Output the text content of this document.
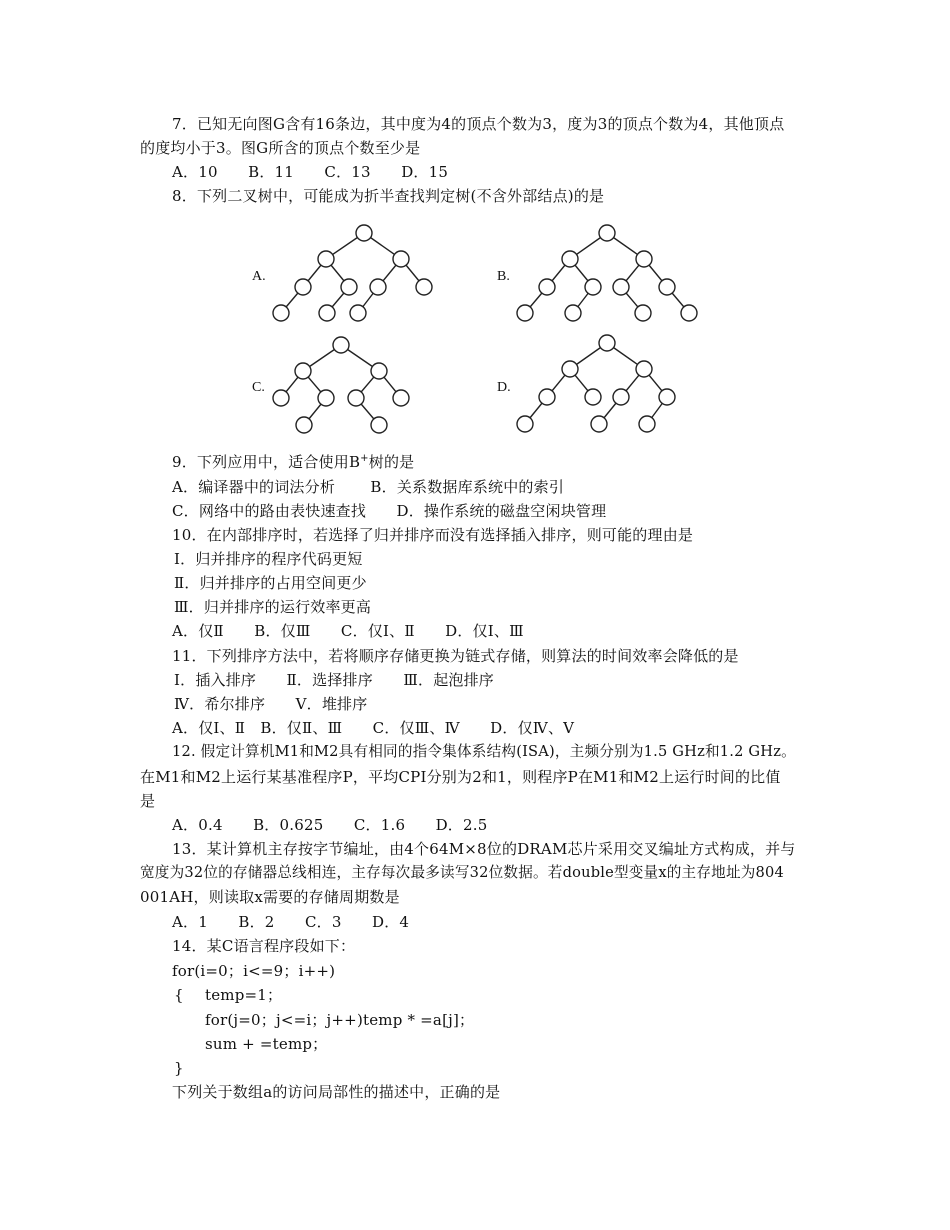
7．已知无向图G含有16条边，其中度为4的顶点个数为3，度为3的顶点个数为4，其他顶点
的度均小于3。图G所含的顶点个数至少是
A．10　　B．11　　C．13　　D．15
8．下列二叉树中，可能成为折半查找判定树(不含外部结点)的是
A.	B.
C.	D.
9．下列应用中，适合使用B+树的是
A．编译器中的词法分析　　 B．关系数据库系统中的索引
C．网络中的路由表快速查找　　D．操作系统的磁盘空闲块管理
10．在内部排序时，若选择了归并排序而没有选择插入排序，则可能的理由是
Ⅰ．归并排序的程序代码更短
Ⅱ．归并排序的占用空间更少
Ⅲ．归并排序的运行效率更高
A．仅Ⅱ　　B．仅Ⅲ　　C．仅Ⅰ、Ⅱ　　D．仅Ⅰ、Ⅲ
11．下列排序方法中，若将顺序存储更换为链式存储，则算法的时间效率会降低的是
Ⅰ．插入排序　　Ⅱ．选择排序　　Ⅲ．起泡排序
Ⅳ．希尔排序　　Ⅴ．堆排序
A．仅Ⅰ、Ⅱ　B．仅Ⅱ、Ⅲ　　C．仅Ⅲ、Ⅳ　　D．仅Ⅳ、Ⅴ
12. 假定计算机M1和M2具有相同的指令集体系结构(ⅠSA)，主频分别为1.5 GHz和1.2 GHz。
在M1和M2上运行某基准程序P，平均CPⅠ分别为2和1，则程序P在M1和M2上运行时间的比值
是
A．0.4　　B．0.625　　C．1.6　　D．2.5
13．某计算机主存按字节编址，由4个64M×8位的DRAM芯片采用交叉编址方式构成，并与
宽度为32位的存储器总线相连，主存每次最多读写32位数据。若double型变量x的主存地址为804
001AH，则读取x需要的存储周期数是
A．1　　B．2　　C．3　　D．4
14．某C语言程序段如下：
for(i=0；i<=9；i++)
{ temp=1；
for(j=0；j<=i；j++)temp * =a[j]；
sum + =temp；
}
下列关于数组a的访问局部性的描述中，正确的是
